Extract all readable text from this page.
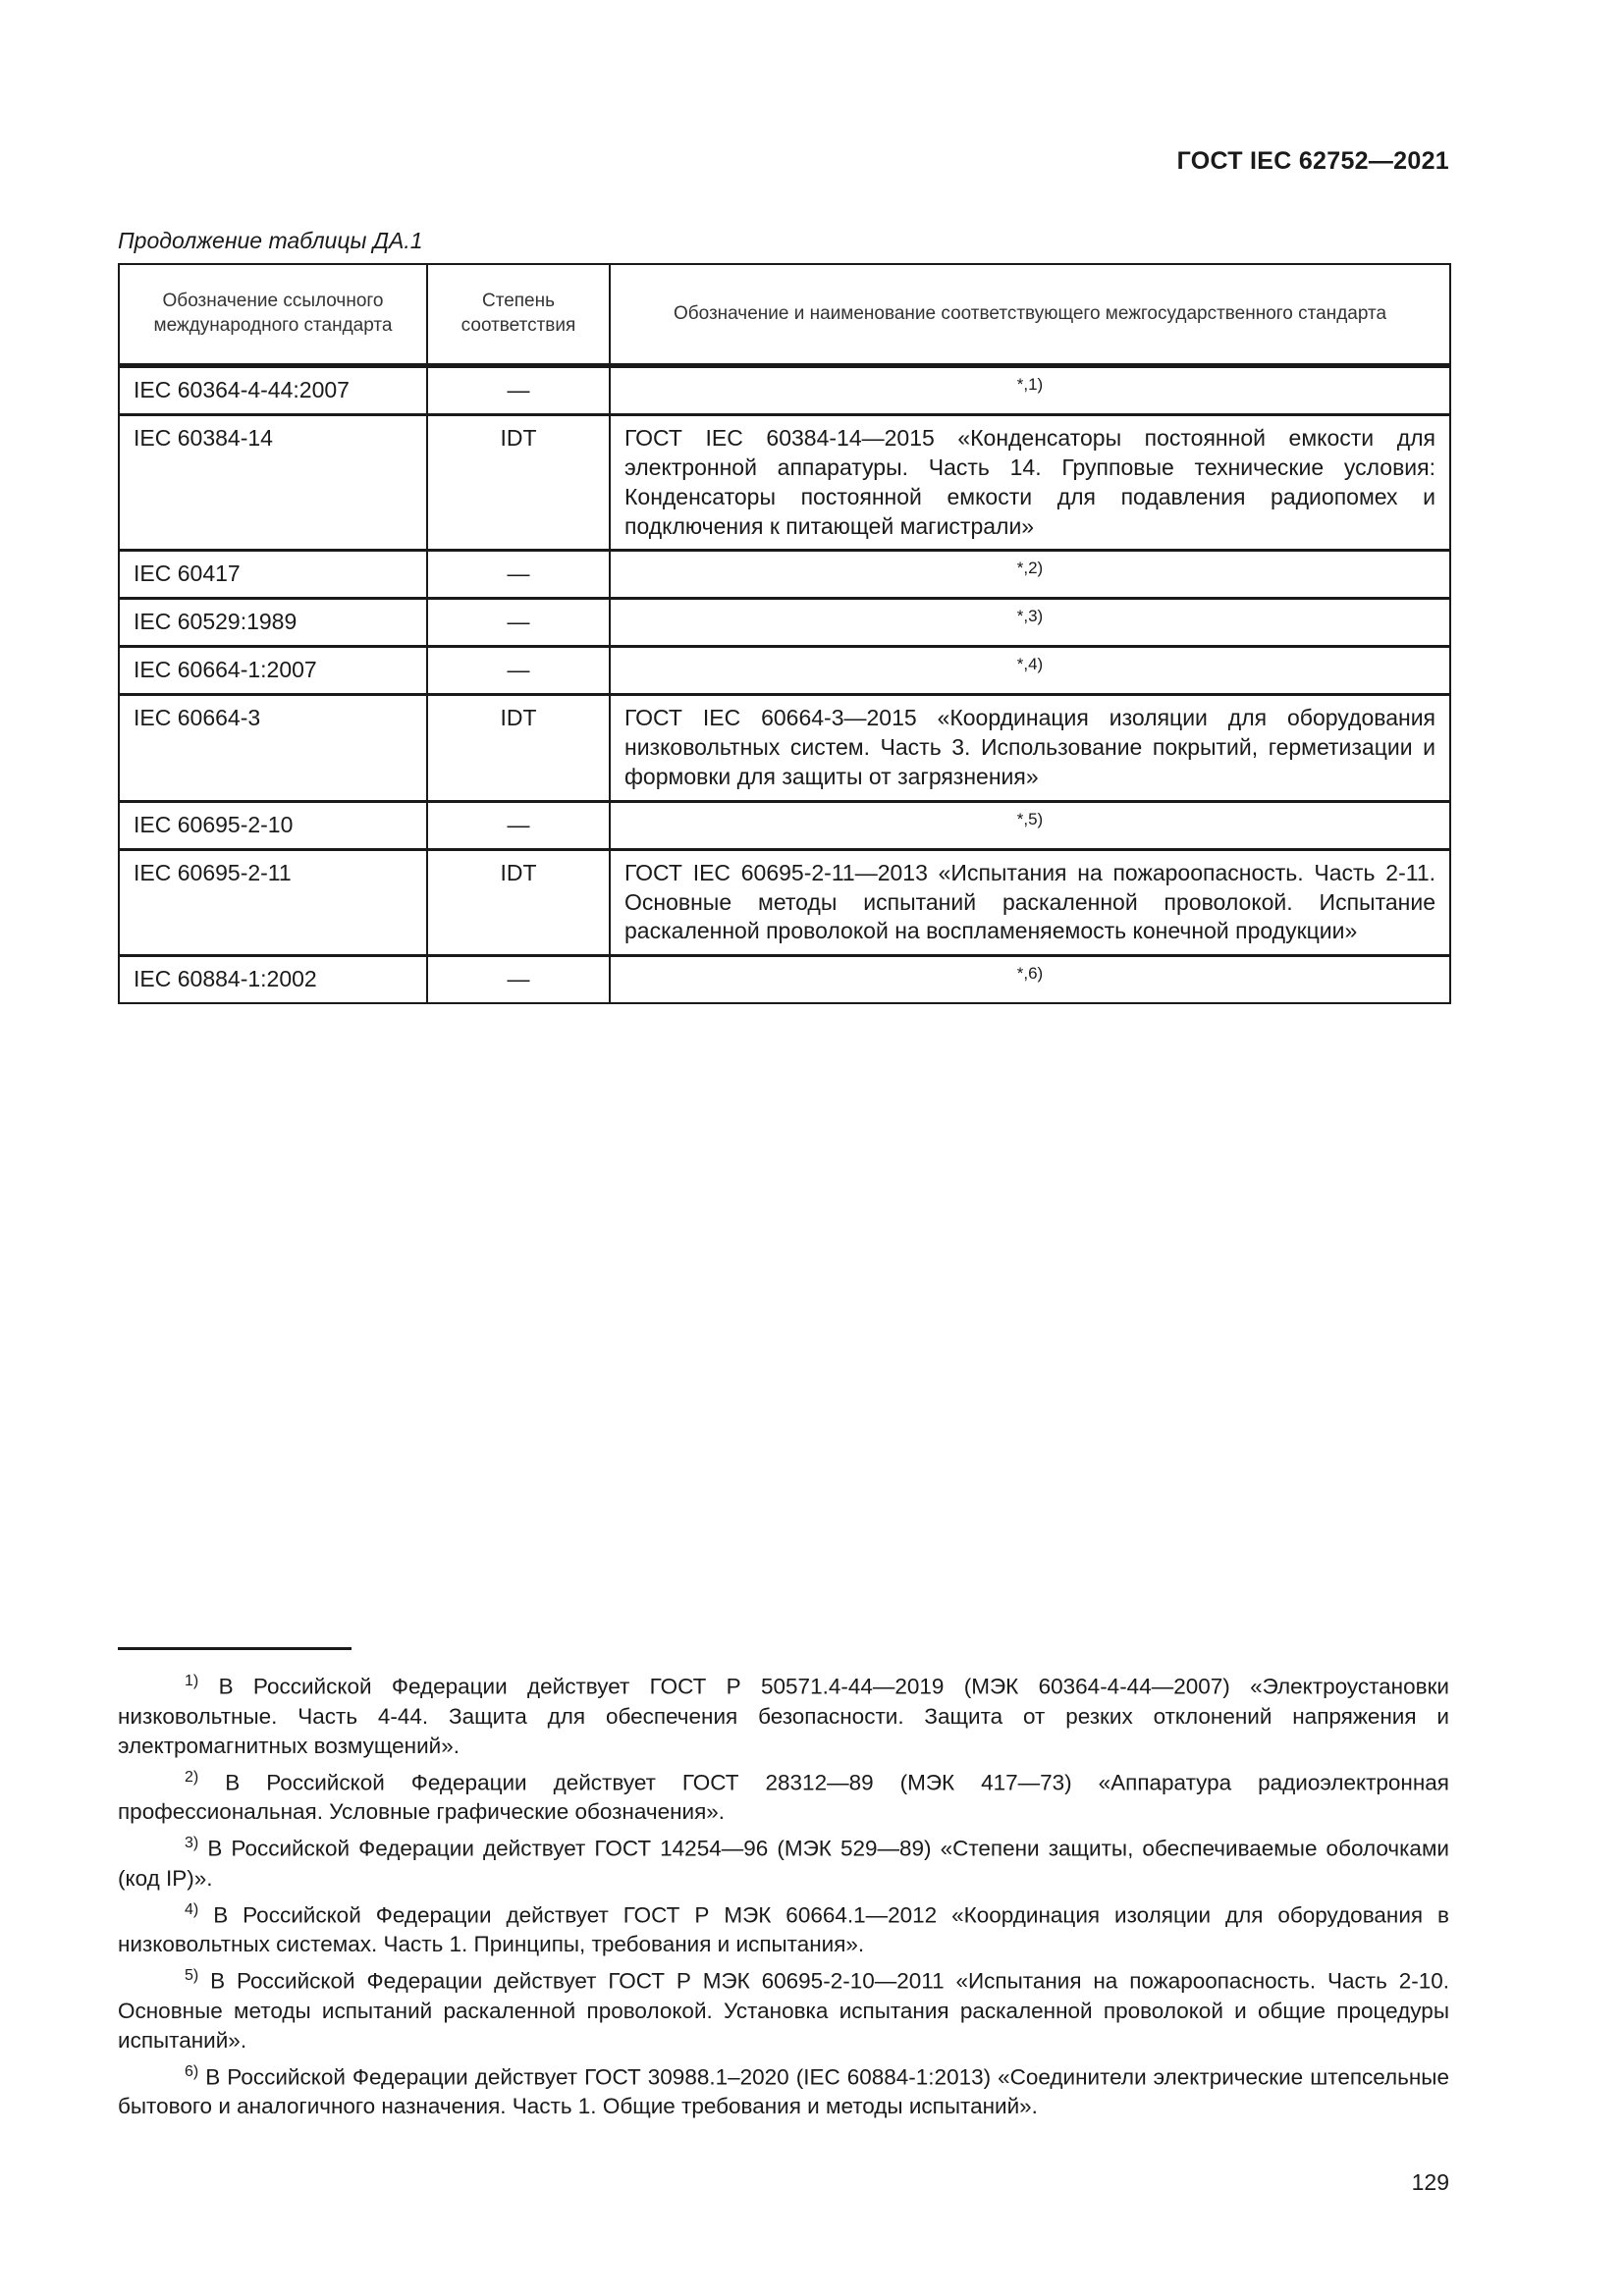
ГОСТ IEC 62752—2021
Продолжение таблицы ДА.1
Обозначение ссылочного международного стандарта	Степень соответствия	Обозначение и наименование соответствующего межгосударственного стандарта
IEC 60364-4-44:2007	—	*,1)
IEC 60384-14	IDT	ГОСТ IEC 60384-14—2015 «Конденсаторы постоянной емкости для электронной аппаратуры. Часть 14. Групповые технические условия: Конденсаторы постоянной емкости для подавления радиопомех и подключения к питающей магистрали»
IEC 60417	—	*,2)
IEC 60529:1989	—	*,3)
IEC 60664-1:2007	—	*,4)
IEC 60664-3	IDT	ГОСТ IEC 60664-3—2015 «Координация изоляции для оборудования низковольтных систем. Часть 3. Использование покрытий, герметизации и формовки для защиты от загрязнения»
IEC 60695-2-10	—	*,5)
IEC 60695-2-11	IDT	ГОСТ IEC 60695-2-11—2013 «Испытания на пожароопасность. Часть 2-11. Основные методы испытаний раскаленной проволокой. Испытание раскаленной проволокой на воспламеняемость конечной продукции»
IEC 60884-1:2002	—	*,6)

$^{1)}$ В Российской Федерации действует ГОСТ Р 50571.4-44—2019 (МЭК 60364-4-44—2007) «Электроустановки низковольтные. Часть 4-44. Защита для обеспечения безопасности. Защита от резких отклонений напряжения и электромагнитных возмущений».

$^{2)}$ В Российской Федерации действует ГОСТ 28312—89 (МЭК 417—73) «Аппаратура радиоэлектронная профессиональная. Условные графические обозначения».

$^{3)}$ В Российской Федерации действует ГОСТ 14254—96 (МЭК 529—89) «Степени защиты, обеспечиваемые оболочками (код IP)».

$^{4)}$ В Российской Федерации действует ГОСТ Р МЭК 60664.1—2012 «Координация изоляции для оборудования в низковольтных системах. Часть 1. Принципы, требования и испытания».

$^{5)}$ В Российской Федерации действует ГОСТ Р МЭК 60695-2-10—2011 «Испытания на пожароопасность. Часть 2-10. Основные методы испытаний раскаленной проволокой. Установка испытания раскаленной проволокой и общие процедуры испытаний».

$^{6)}$ В Российской Федерации действует ГОСТ 30988.1–2020 (IEC 60884-1:2013) «Соединители электрические штепсельные бытового и аналогичного назначения. Часть 1. Общие требования и методы испытаний».

129
